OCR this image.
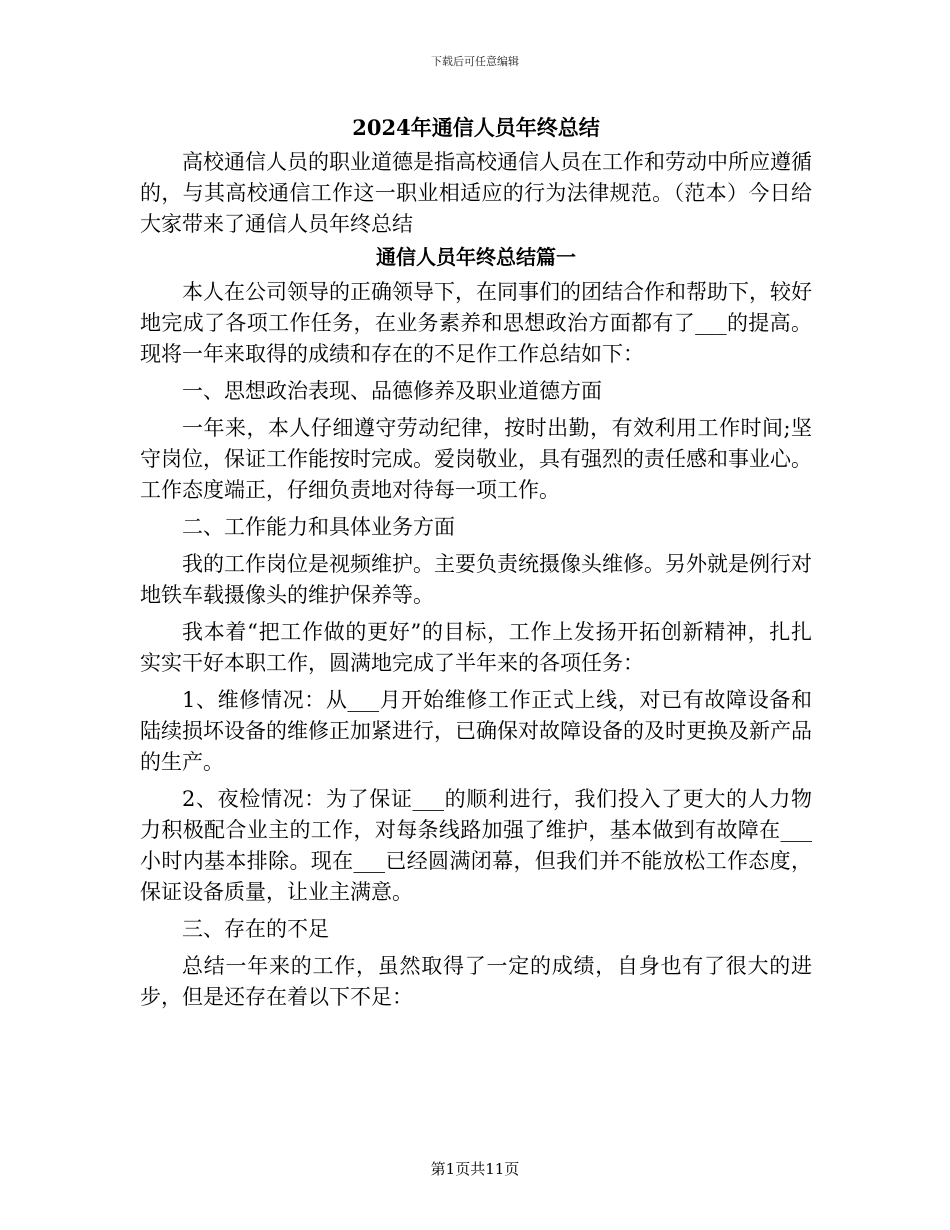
下载后可任意编辑
2024年通信人员年终总结
高校通信人员的职业道德是指高校通信人员在工作和劳动中所应遵循的，与其高校通信工作这一职业相适应的行为法律规范。（范本）今日给大家带来了通信人员年终总结
通信人员年终总结篇一
本人在公司领导的正确领导下，在同事们的团结合作和帮助下，较好地完成了各项工作任务，在业务素养和思想政治方面都有了___的提高。现将一年来取得的成绩和存在的不足作工作总结如下：
一、思想政治表现、品德修养及职业道德方面
一年来，本人仔细遵守劳动纪律，按时出勤，有效利用工作时间;坚守岗位，保证工作能按时完成。爱岗敬业，具有强烈的责任感和事业心。工作态度端正，仔细负责地对待每一项工作。
二、工作能力和具体业务方面
我的工作岗位是视频维护。主要负责统摄像头维修。另外就是例行对地铁车载摄像头的维护保养等。
我本着“把工作做的更好”的目标，工作上发扬开拓创新精神，扎扎实实干好本职工作，圆满地完成了半年来的各项任务：
1、维修情况：从___月开始维修工作正式上线，对已有故障设备和陆续损坏设备的维修正加紧进行，已确保对故障设备的及时更换及新产品的生产。
2、夜检情况：为了保证___的顺利进行，我们投入了更大的人力物力积极配合业主的工作，对每条线路加强了维护，基本做到有故障在___小时内基本排除。现在___已经圆满闭幕，但我们并不能放松工作态度，保证设备质量，让业主满意。
三、存在的不足
总结一年来的工作，虽然取得了一定的成绩，自身也有了很大的进步，但是还存在着以下不足：
第1页共11页
